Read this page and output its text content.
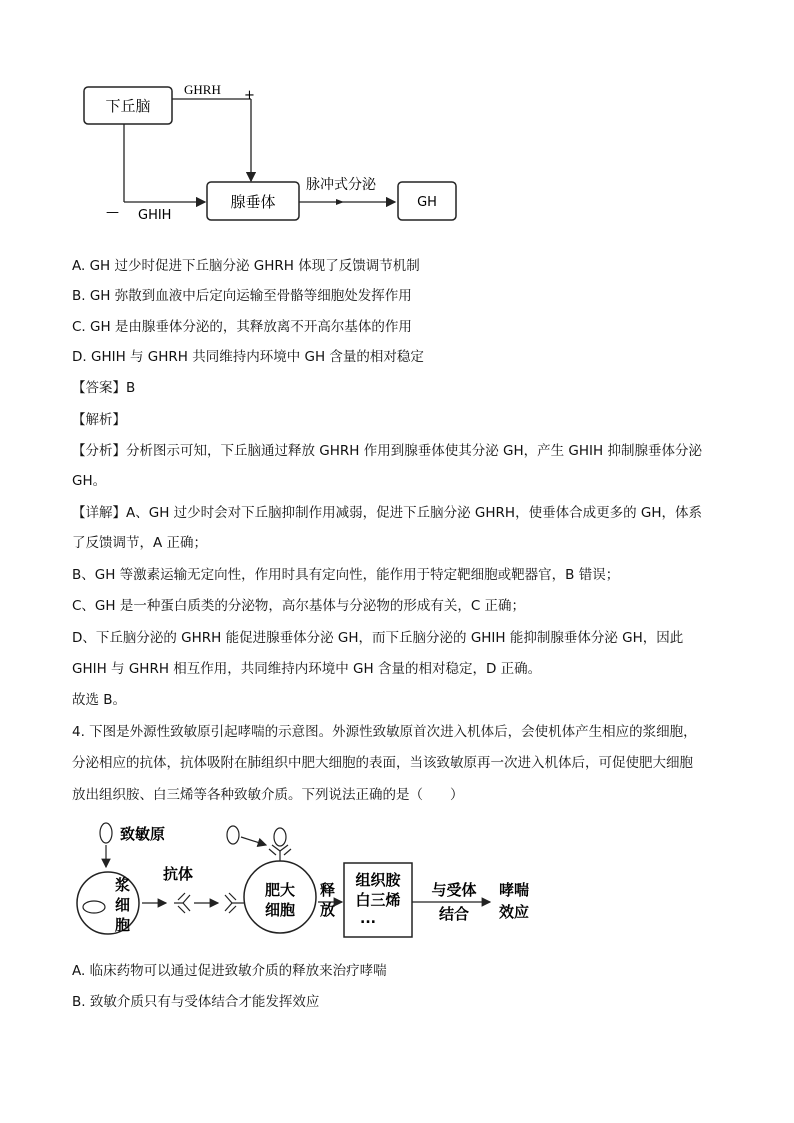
下丘脑
GHRH +
— GHIH
腺垂体
脉冲式分泌
GH
A. GH 过少时促进下丘脑分泌 GHRH 体现了反馈调节机制
B. GH 弥散到血液中后定向运输至骨骼等细胞处发挥作用
C. GH 是由腺垂体分泌的，其释放离不开高尔基体的作用
D. GHIH 与 GHRH 共同维持内环境中 GH 含量的相对稳定
【答案】B
【解析】
【分析】分析图示可知，下丘脑通过释放 GHRH 作用到腺垂体使其分泌 GH，产生 GHIH 抑制腺垂体分泌
GH。
【详解】A、GH 过少时会对下丘脑抑制作用减弱，促进下丘脑分泌 GHRH，使垂体合成更多的 GH，体系
了反馈调节，A 正确；
B、GH 等激素运输无定向性，作用时具有定向性，能作用于特定靶细胞或靶器官，B 错误；
C、GH 是一种蛋白质类的分泌物，高尔基体与分泌物的形成有关，C 正确；
D、下丘脑分泌的 GHRH 能促进腺垂体分泌 GH，而下丘脑分泌的 GHIH 能抑制腺垂体分泌 GH，因此
GHIH 与 GHRH 相互作用，共同维持内环境中 GH 含量的相对稳定，D 正确。
故选 B。
4. 下图是外源性致敏原引起哮喘的示意图。外源性致敏原首次进入机体后，会使机体产生相应的浆细胞，
分泌相应的抗体，抗体吸附在肺组织中肥大细胞的表面，当该致敏原再一次进入机体后，可促使肥大细胞
放出组织胺、白三烯等各种致敏介质。下列说法正确的是（　　）
致敏原
浆
细
胞
抗体
肥大
细胞
释
放
组织胺
白三烯
...
与受体
结合
哮喘
效应
A. 临床药物可以通过促进致敏介质的释放来治疗哮喘
B. 致敏介质只有与受体结合才能发挥效应
